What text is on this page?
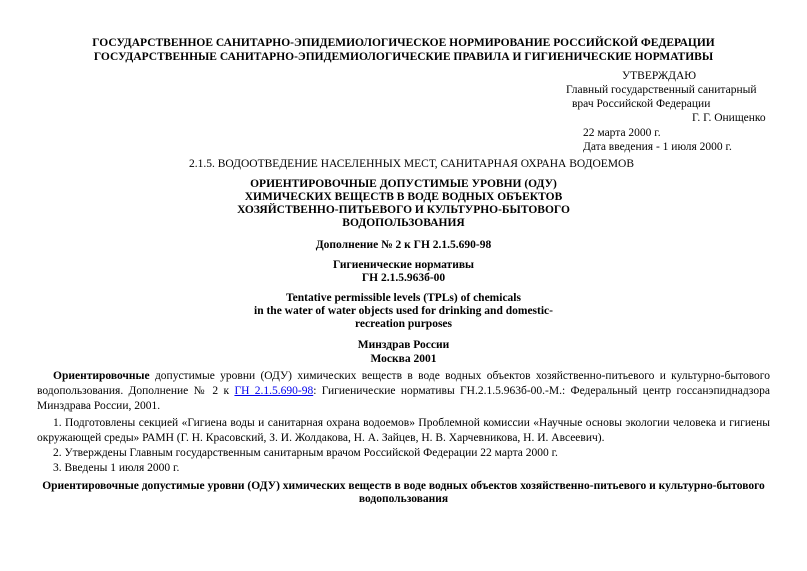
ГОСУДАРСТВЕННОЕ САНИТАРНО-ЭПИДЕМИОЛОГИЧЕСКОЕ НОРМИРОВАНИЕ РОССИЙСКОЙ ФЕДЕРАЦИИ
ГОСУДАРСТВЕННЫЕ САНИТАРНО-ЭПИДЕМИОЛОГИЧЕСКИЕ ПРАВИЛА И ГИГИЕНИЧЕСКИЕ НОРМАТИВЫ
УТВЕРЖДАЮ
Главный государственный санитарный
врач Российской Федерации
Г. Г. Онищенко
22 марта 2000 г.
Дата введения - 1 июля 2000 г.
2.1.5. ВОДООТВЕДЕНИЕ НАСЕЛЕННЫХ МЕСТ, САНИТАРНАЯ ОХРАНА ВОДОЕМОВ
ОРИЕНТИРОВОЧНЫЕ ДОПУСТИМЫЕ УРОВНИ (ОДУ)
ХИМИЧЕСКИХ ВЕЩЕСТВ В ВОДЕ ВОДНЫХ ОБЪЕКТОВ
ХОЗЯЙСТВЕННО-ПИТЬЕВОГО И КУЛЬТУРНО-БЫТОВОГО
ВОДОПОЛЬЗОВАНИЯ
Дополнение № 2 к ГН 2.1.5.690-98
Гигиенические нормативы
ГН 2.1.5.963б-00
Tentative permissible levels (TPLs) of chemicals
in the water of water objects used for drinking and domestic-
recreation purposes
Минздрав России
Москва 2001
Ориентировочные допустимые уровни (ОДУ) химических веществ в воде водных объектов хозяйственно-питьевого и культурно-бытового водопользования. Дополнение № 2 к ГН 2.1.5.690-98: Гигиенические нормативы ГН.2.1.5.963б-00.-М.: Федеральный центр госсанэпиднадзора Минздрава России, 2001.
1. Подготовлены секцией «Гигиена воды и санитарная охрана водоемов» Проблемной комиссии «Научные основы экологии человека и гигиены окружающей среды» РАМН (Г. Н. Красовский, З. И. Жолдакова, Н. А. Зайцев, Н. В. Харчевникова, Н. И. Авсеевич).
2. Утверждены Главным государственным санитарным врачом Российской Федерации 22 марта 2000 г.
3. Введены 1 июля 2000 г.
Ориентировочные допустимые уровни (ОДУ) химических веществ в воде водных объектов хозяйственно-питьевого и культурно-бытового
водопользования
